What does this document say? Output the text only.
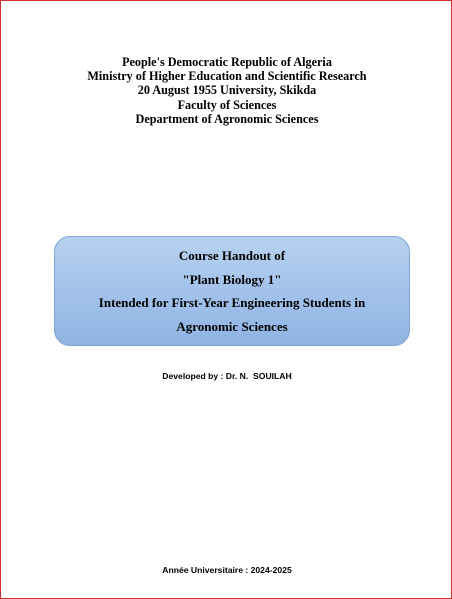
People's Democratic Republic of Algeria
Ministry of Higher Education and Scientific Research
20 August 1955 University, Skikda
Faculty of Sciences
Department of Agronomic Sciences
Course Handout of
"Plant Biology 1"
Intended for First-Year Engineering Students in
Agronomic Sciences
Developed by : Dr. N.  SOUILAH
Année Universitaire : 2024-2025
